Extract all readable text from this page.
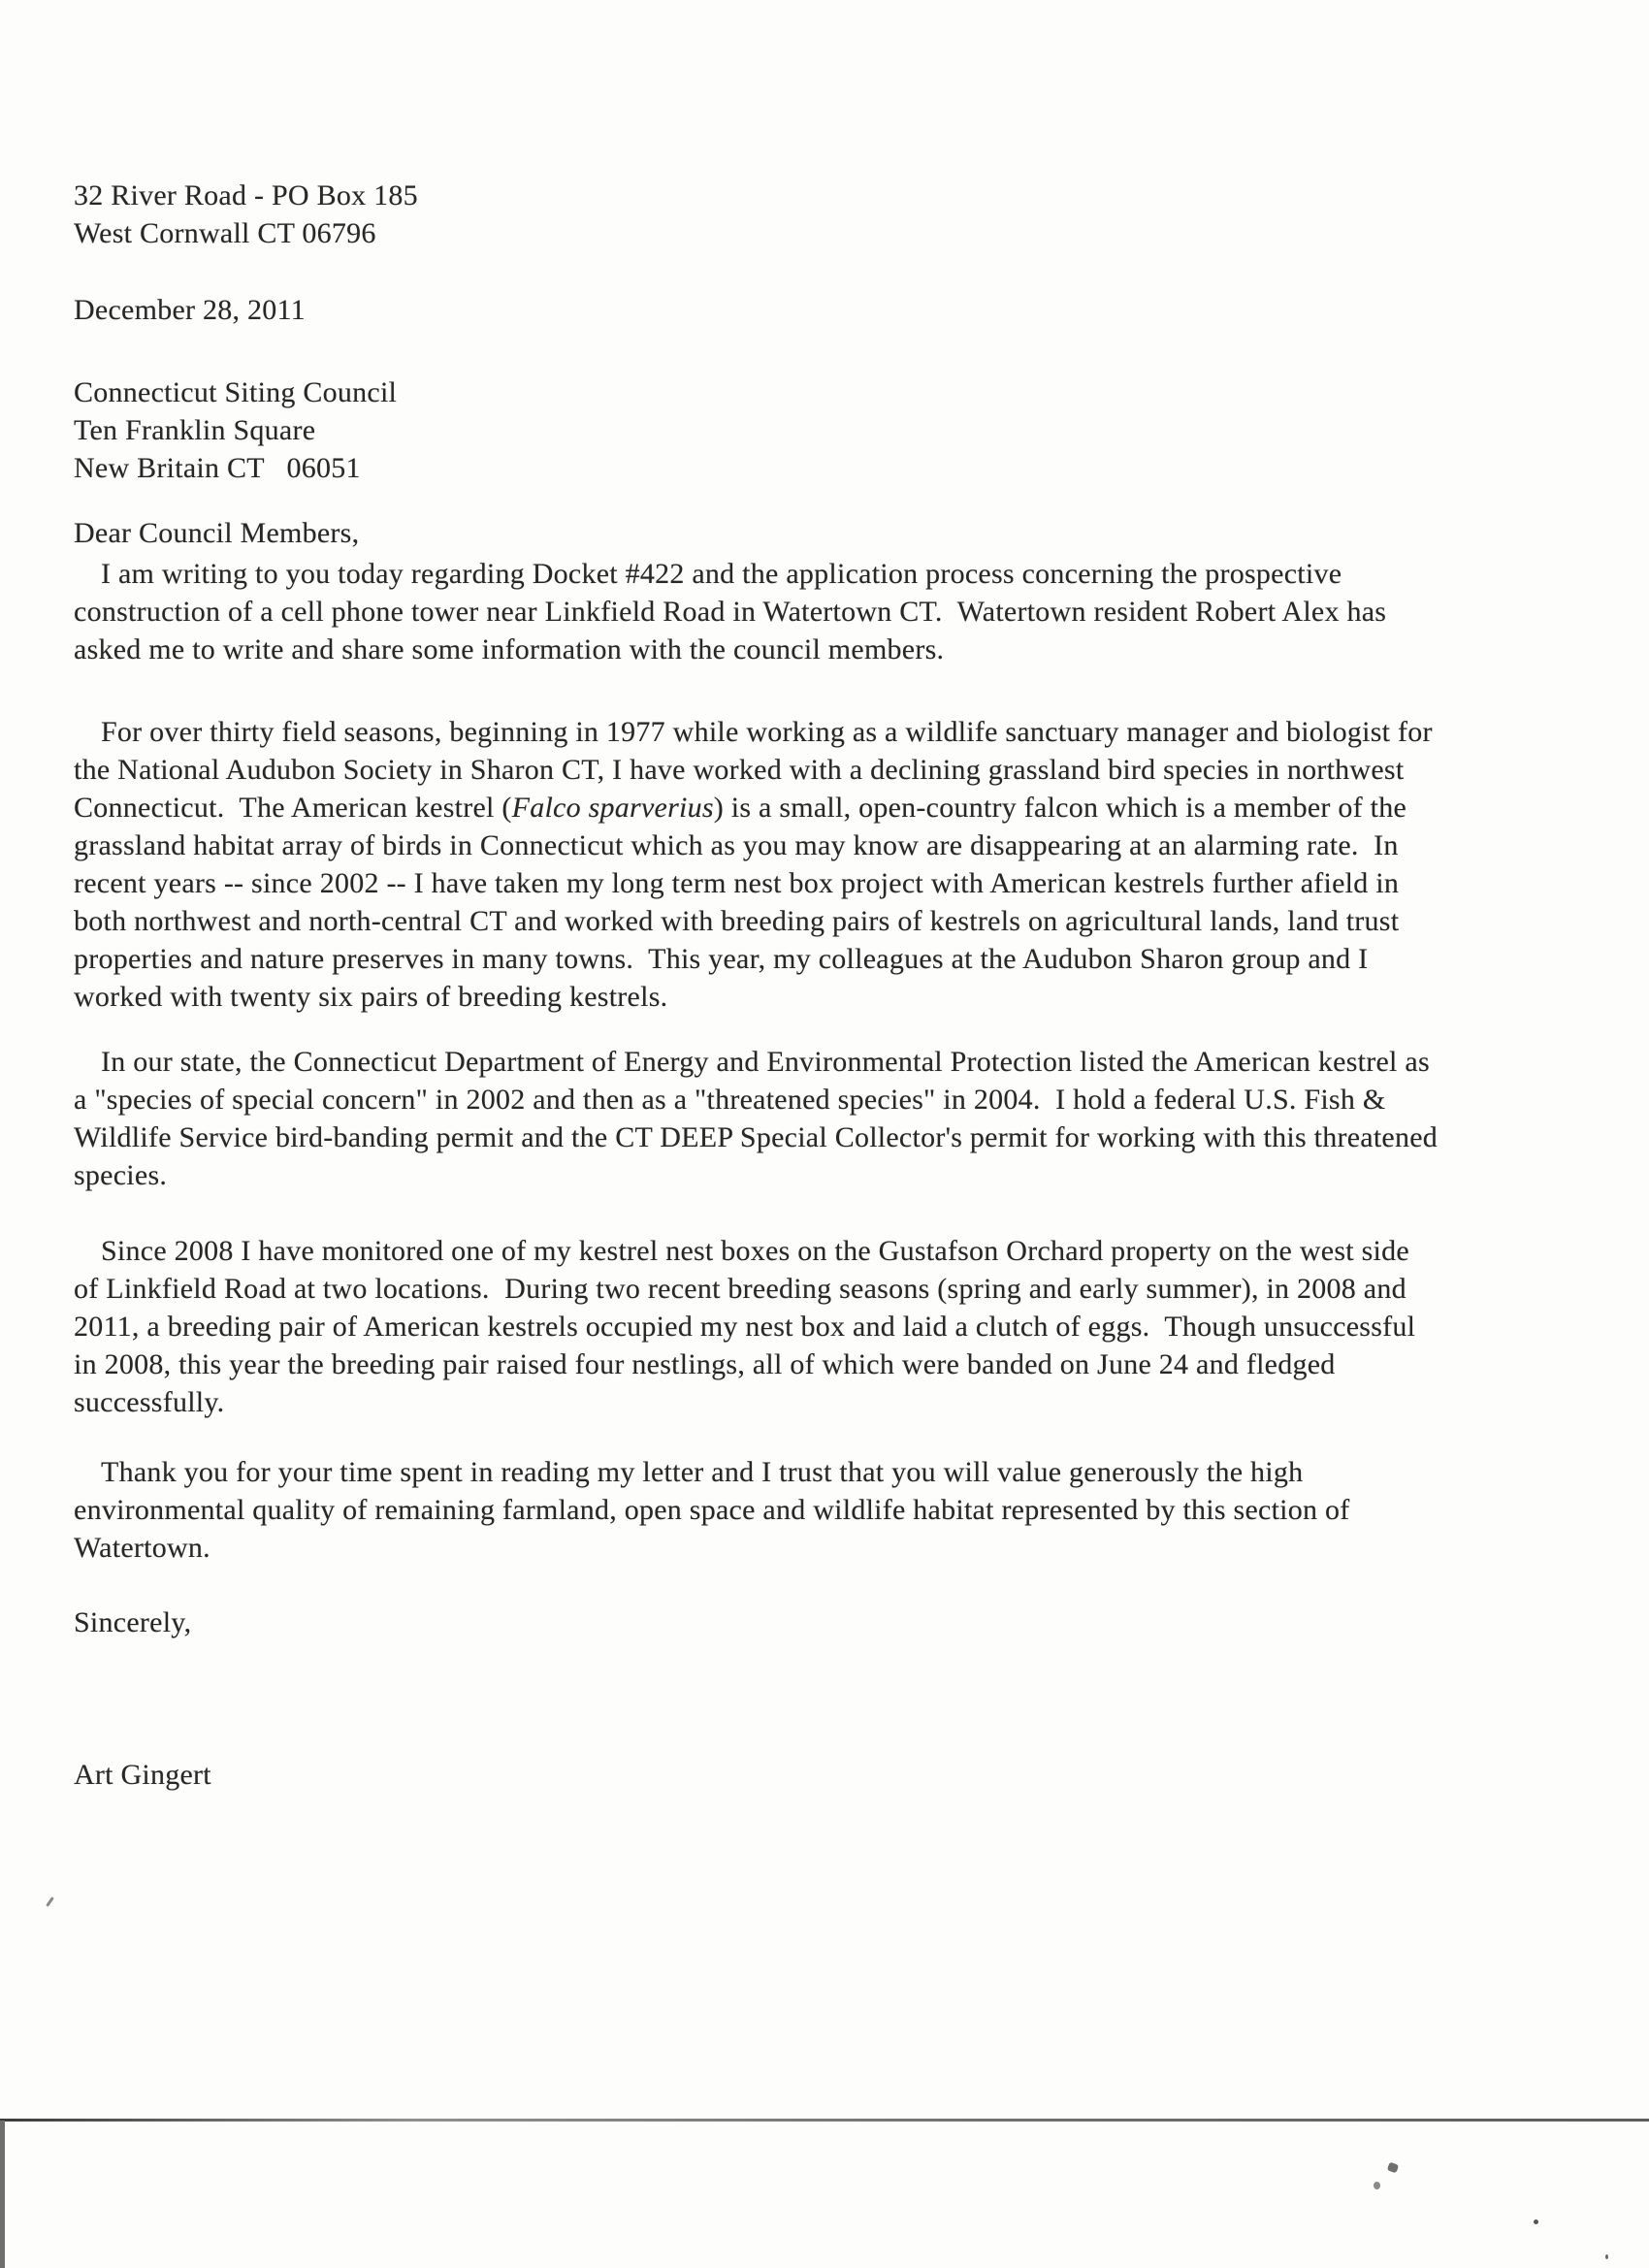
32 River Road - PO Box 185
West Cornwall CT 06796
December 28, 2011
Connecticut Siting Council
Ten Franklin Square
New Britain CT   06051
Dear Council Members,
I am writing to you today regarding Docket #422 and the application process concerning the prospective
construction of a cell phone tower near Linkfield Road in Watertown CT.  Watertown resident Robert Alex has
asked me to write and share some information with the council members.
For over thirty field seasons, beginning in 1977 while working as a wildlife sanctuary manager and biologist for
the National Audubon Society in Sharon CT, I have worked with a declining grassland bird species in northwest
Connecticut.  The American kestrel (Falco sparverius) is a small, open-country falcon which is a member of the
grassland habitat array of birds in Connecticut which as you may know are disappearing at an alarming rate.  In
recent years -- since 2002 -- I have taken my long term nest box project with American kestrels further afield in
both northwest and north-central CT and worked with breeding pairs of kestrels on agricultural lands, land trust
properties and nature preserves in many towns.  This year, my colleagues at the Audubon Sharon group and I
worked with twenty six pairs of breeding kestrels.
In our state, the Connecticut Department of Energy and Environmental Protection listed the American kestrel as
a "species of special concern" in 2002 and then as a "threatened species" in 2004.  I hold a federal U.S. Fish &
Wildlife Service bird-banding permit and the CT DEEP Special Collector's permit for working with this threatened
species.
Since 2008 I have monitored one of my kestrel nest boxes on the Gustafson Orchard property on the west side
of Linkfield Road at two locations.  During two recent breeding seasons (spring and early summer), in 2008 and
2011, a breeding pair of American kestrels occupied my nest box and laid a clutch of eggs.  Though unsuccessful
in 2008, this year the breeding pair raised four nestlings, all of which were banded on June 24 and fledged
successfully.
Thank you for your time spent in reading my letter and I trust that you will value generously the high
environmental quality of remaining farmland, open space and wildlife habitat represented by this section of
Watertown.
Sincerely,
Art Gingert
